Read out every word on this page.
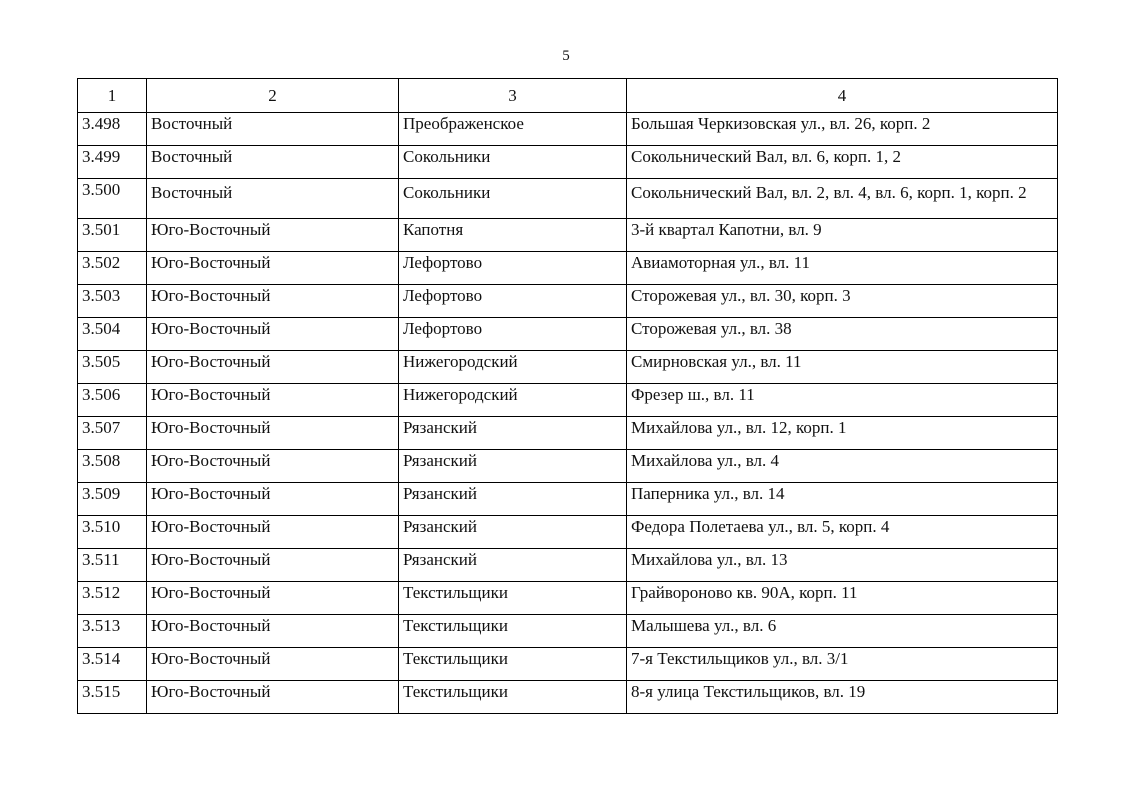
5
1	2	3	4
3.498	Восточный	Преображенское	Большая Черкизовская ул., вл. 26, корп. 2
3.499	Восточный	Сокольники	Сокольнический Вал, вл. 6, корп. 1, 2
3.500	Восточный	Сокольники	Сокольнический Вал, вл. 2, вл. 4, вл. 6, корп. 1, корп. 2
3.501	Юго-Восточный	Капотня	3-й квартал Капотни, вл. 9
3.502	Юго-Восточный	Лефортово	Авиамоторная ул., вл. 11
3.503	Юго-Восточный	Лефортово	Сторожевая ул., вл. 30, корп. 3
3.504	Юго-Восточный	Лефортово	Сторожевая ул., вл. 38
3.505	Юго-Восточный	Нижегородский	Смирновская ул., вл. 11
3.506	Юго-Восточный	Нижегородский	Фрезер ш., вл. 11
3.507	Юго-Восточный	Рязанский	Михайлова ул., вл. 12, корп. 1
3.508	Юго-Восточный	Рязанский	Михайлова ул., вл. 4
3.509	Юго-Восточный	Рязанский	Паперника ул., вл. 14
3.510	Юго-Восточный	Рязанский	Федора Полетаева ул., вл. 5, корп. 4
3.511	Юго-Восточный	Рязанский	Михайлова ул., вл. 13
3.512	Юго-Восточный	Текстильщики	Грайвороново кв. 90А, корп. 11
3.513	Юго-Восточный	Текстильщики	Малышева ул., вл. 6
3.514	Юго-Восточный	Текстильщики	7-я Текстильщиков ул., вл. 3/1
3.515	Юго-Восточный	Текстильщики	8-я улица Текстильщиков, вл. 19
